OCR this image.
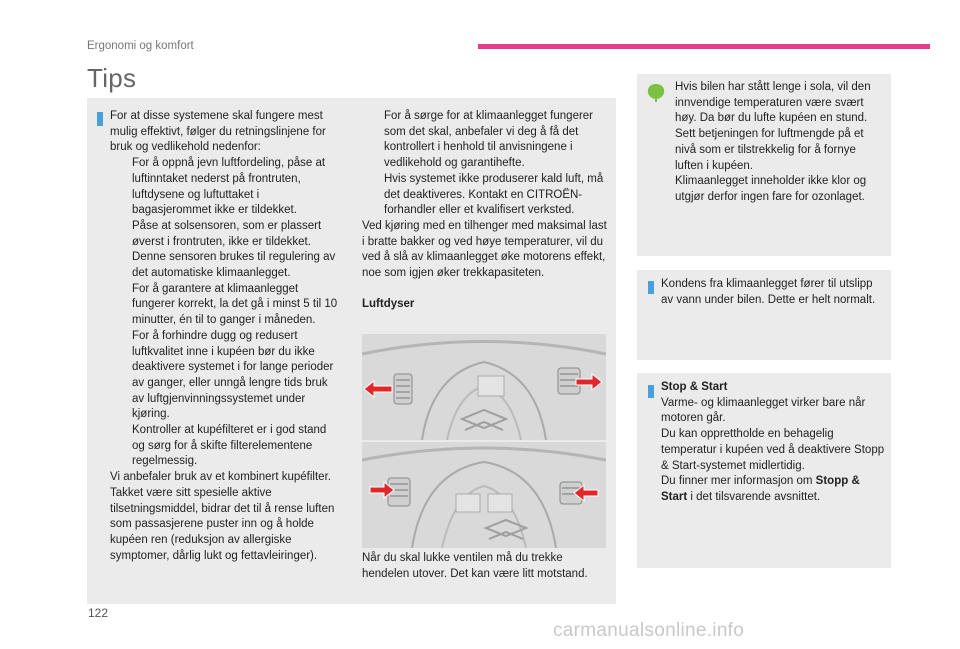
Ergonomi og komfort
Tips

For at disse systemene skal fungere mest mulig effektivt, følger du retningslinjene for bruk og vedlikehold nedenfor:

For å oppnå jevn luftfordeling, påse at luftinntaket nederst på frontruten, luftdysene og luftuttaket i bagasjerommet ikke er tildekket.

Påse at solsensoren, som er plassert øverst i frontruten, ikke er tildekket. Denne sensoren brukes til regulering av det automatiske klimaanlegget.

For å garantere at klimaanlegget fungerer korrekt, la det gå i minst 5 til 10 minutter, én til to ganger i måneden.

For å forhindre dugg og redusert luftkvalitet inne i kupéen bør du ikke deaktivere systemet i for lange perioder av ganger, eller unngå lengre tids bruk av luftgjenvinningssystemet under kjøring.

Kontroller at kupéfilteret er i god stand og sørg for å skifte filterelementene regelmessig.

Vi anbefaler bruk av et kombinert kupéfilter. Takket være sitt spesielle aktive tilsetningsmiddel, bidrar det til å rense luften som passasjerene puster inn og å holde kupéen ren (reduksjon av allergiske symptomer, dårlig lukt og fettavleiringer).

For å sørge for at klimaanlegget fungerer som det skal, anbefaler vi deg å få det kontrollert i henhold til anvisningene i vedlikehold og garantihefte.

Hvis systemet ikke produserer kald luft, må det deaktiveres. Kontakt en CITROËN-forhandler eller et kvalifisert verksted.

Ved kjøring med en tilhenger med maksimal last i bratte bakker og ved høye temperaturer, vil du ved å slå av klimaanlegget øke motorens effekt, noe som igjen øker trekkapasiteten.

Luftdyser

Når du skal lukke ventilen må du trekke hendelen utover. Det kan være litt motstand.

Hvis bilen har stått lenge i sola, vil den innvendige temperaturen være svært høy. Da bør du lufte kupéen en stund. Sett betjeningen for luftmengde på et nivå som er tilstrekkelig for å fornye luften i kupéen.

Klimaanlegget inneholder ikke klor og utgjør derfor ingen fare for ozonlaget.

Kondens fra klimaanlegget fører til utslipp av vann under bilen. Dette er helt normalt.

Stop & Start

Varme- og klimaanlegget virker bare når motoren går.

Du kan opprettholde en behagelig temperatur i kupéen ved å deaktivere Stopp & Start-systemet midlertidig.

Du finner mer informasjon om Stopp & Start i det tilsvarende avsnittet.

122
carmanualsonline.info
